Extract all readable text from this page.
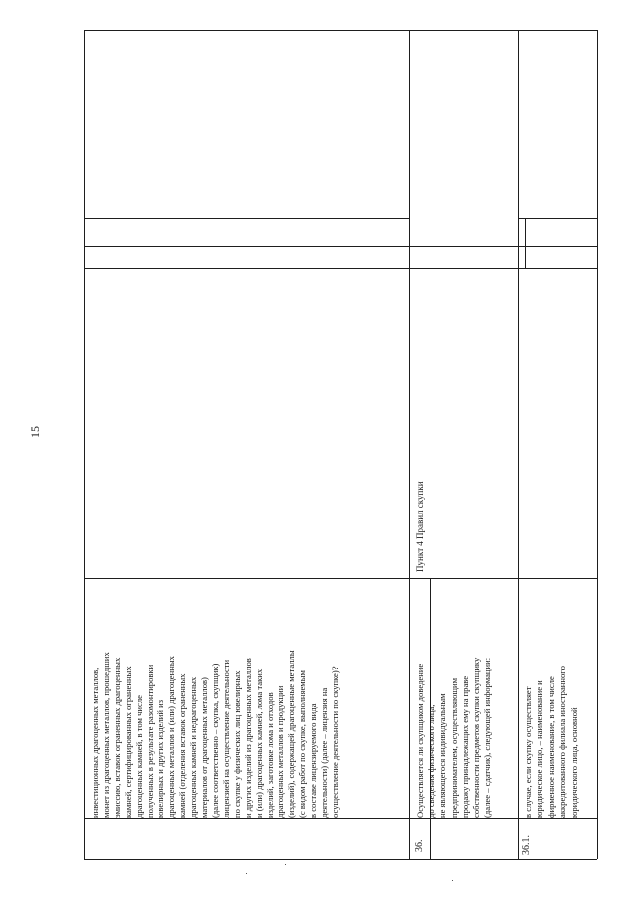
15
инвестиционных драгоценных металлов, монет из драгоценных металлов, прошедших эмиссию, вставок ограненных драгоценных камней, сертифицированных ограненных драгоценных камней, в том числе полученных в результате разомонтировки ювелирных и других изделий из драгоценных металлов и (или) драгоценных камней (отделения вставок ограненных драгоценных камней и недрагоценных материалов от драгоценных металлов) (далее соответственно – скупка, скупщик) лицензией на осуществление деятельности по скупке у физических лиц ювелирных и других изделий из драгоценных металлов и (или) драгоценных камней, лома таких изделий, заготовке лома и отходов драгоценных металлов и продукции (изделий), содержащей драгоценные металлы (с видом работ по скупке, выполняемым в составе лицензируемого вида деятельности) (далее – лицензия на осуществление деятельности по скупке)?
36.
Осуществляется ли скупщиком доведение до сведения физического лица, не являющегося индивидуальным предпринимателем, осуществляющим продажу принадлежащих ему на праве собственности предметов скупки скупщику (далее – сдатчик), следующей информации:
Пункт 4 Правил скупки
36.1.
в случае, если скупку осуществляет юридическое лицо, – наименование и фирменное наименование, в том числе аккредитованного филиала иностранного юридического лица, основной
